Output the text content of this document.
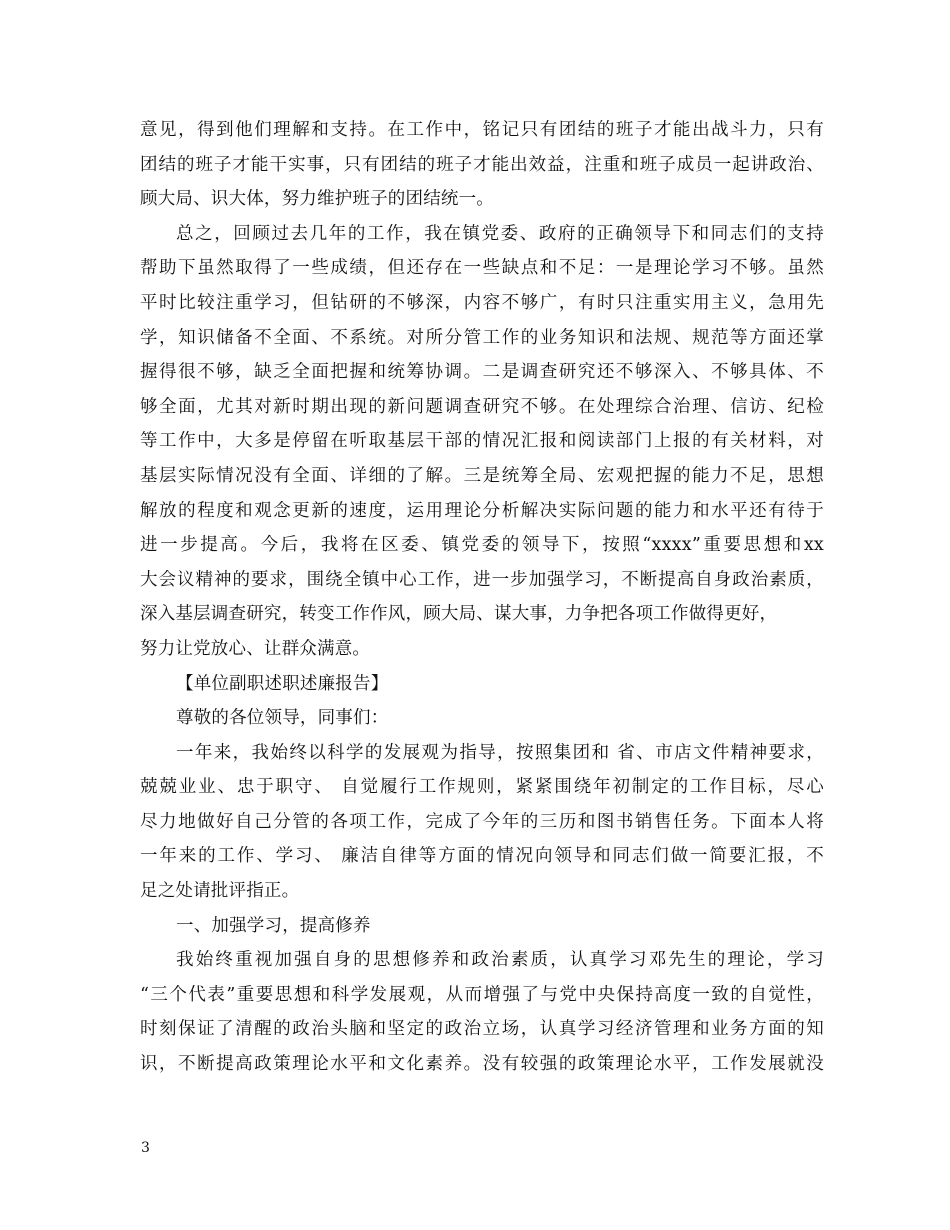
意见，得到他们理解和支持。在工作中，铭记只有团结的班子才能出战斗力，只有
团结的班子才能干实事，只有团结的班子才能出效益，注重和班子成员一起讲政治、
顾大局、识大体，努力维护班子的团结统一。
总之，回顾过去几年的工作，我在镇党委、政府的正确领导下和同志们的支持
帮助下虽然取得了一些成绩，但还存在一些缺点和不足：一是理论学习不够。虽然
平时比较注重学习，但钻研的不够深，内容不够广，有时只注重实用主义，急用先
学，知识储备不全面、不系统。对所分管工作的业务知识和法规、规范等方面还掌
握得很不够，缺乏全面把握和统筹协调。二是调查研究还不够深入、不够具体、不
够全面，尤其对新时期出现的新问题调查研究不够。在处理综合治理、信访、纪检
等工作中，大多是停留在听取基层干部的情况汇报和阅读部门上报的有关材料，对
基层实际情况没有全面、详细的了解。三是统筹全局、宏观把握的能力不足，思想
解放的程度和观念更新的速度，运用理论分析解决实际问题的能力和水平还有待于
进一步提高。今后，我将在区委、镇党委的领导下，按照“xxxx”重要思想和xx
大会议精神的要求，围绕全镇中心工作，进一步加强学习，不断提高自身政治素质，
深入基层调查研究，转变工作作风，顾大局、谋大事，力争把各项工作做得更好，
努力让党放心、让群众满意。
【单位副职述职述廉报告】
尊敬的各位领导，同事们：
一年来，我始终以科学的发展观为指导，按照集团和 省、市店文件精神要求，
兢兢业业、忠于职守、 自觉履行工作规则，紧紧围绕年初制定的工作目标，尽心
尽力地做好自己分管的各项工作，完成了今年的三历和图书销售任务。下面本人将
一年来的工作、学习、 廉洁自律等方面的情况向领导和同志们做一简要汇报，不
足之处请批评指正。
一、加强学习，提高修养
我始终重视加强自身的思想修养和政治素质，认真学习邓先生的理论，学习
“三个代表”重要思想和科学发展观，从而增强了与党中央保持高度一致的自觉性，
时刻保证了清醒的政治头脑和坚定的政治立场，认真学习经济管理和业务方面的知
识，不断提高政策理论水平和文化素养。没有较强的政策理论水平，工作发展就没
3
